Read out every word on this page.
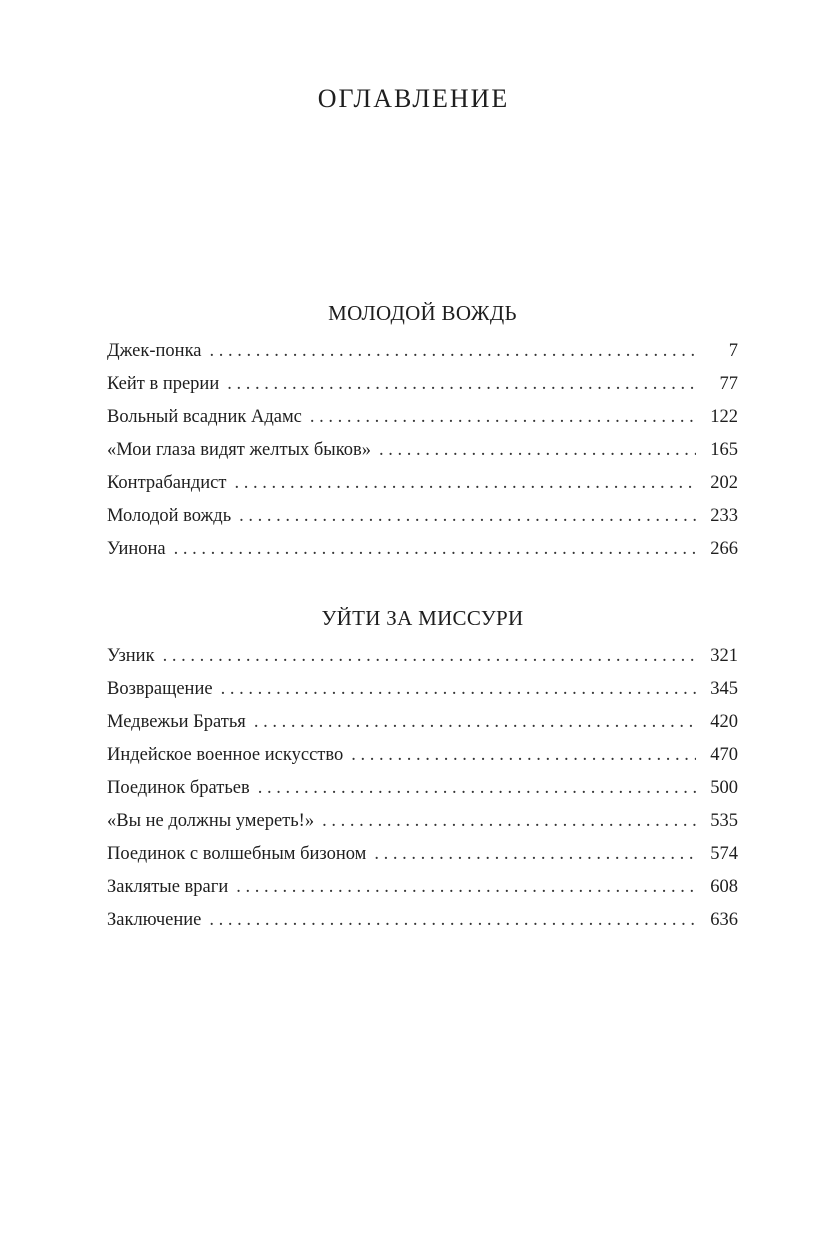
ОГЛАВЛЕНИЕ
МОЛОДОЙ ВОЖДЬ
Джек-понка . . .	7
Кейт в прерии . . .	77
Вольный всадник Адамс . . .	122
«Мои глаза видят желтых быков» . . .	165
Контрабандист . . .	202
Молодой вождь . . .	233
Уинона . . .	266
УЙТИ ЗА МИССУРИ
Узник . . .	321
Возвращение . . .	345
Медвежьи Братья . . .	420
Индейское военное искусство . . .	470
Поединок братьев . . .	500
«Вы не должны умереть!» . . .	535
Поединок с волшебным бизоном . . .	574
Заклятые враги . . .	608
Заключение . . .	636
